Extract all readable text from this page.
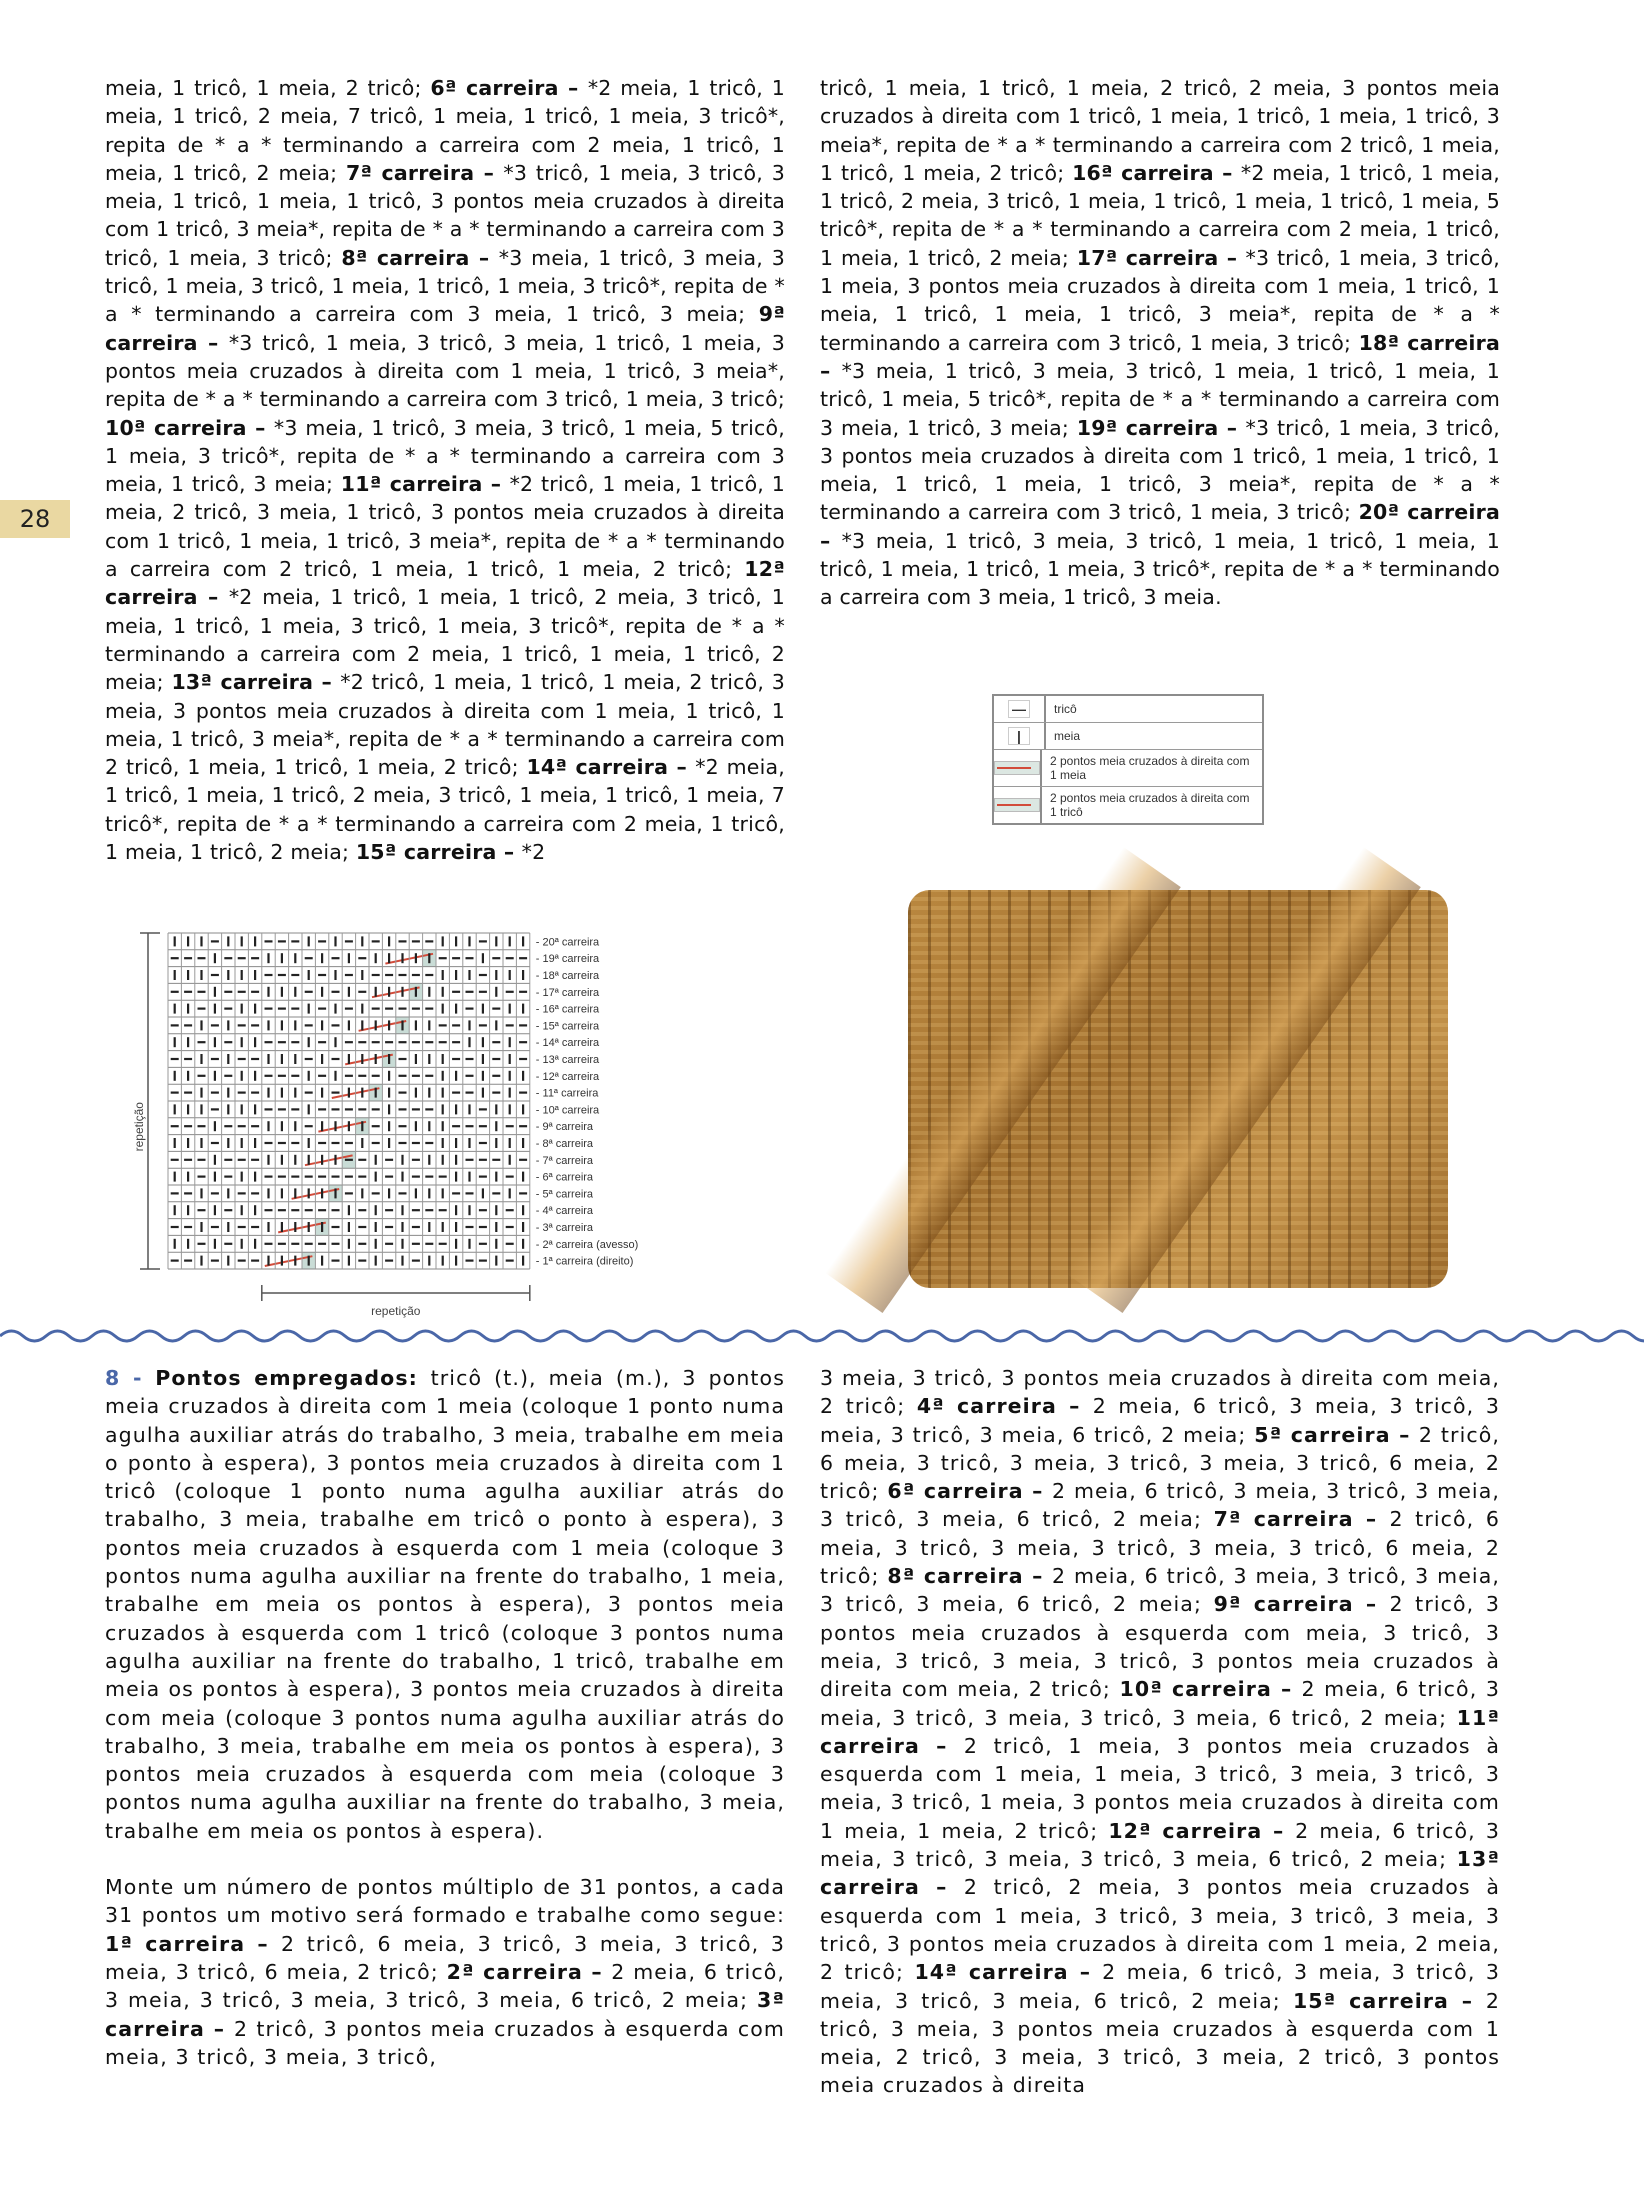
28

meia, 1 tricô, 1 meia, 2 tricô; 6ª carreira – *2 meia, 1 tricô, 1 meia, 1 tricô, 2 meia, 7 tricô, 1 meia, 1 tricô, 1 meia, 3 tricô*, repita de * a * terminando a carreira com 2 meia, 1 tricô, 1 meia, 1 tricô, 2 meia; 7ª carreira – *3 tricô, 1 meia, 3 tricô, 3 meia, 1 tricô, 1 meia, 1 tricô, 3 pontos meia cruzados à direita com 1 tricô, 3 meia*, repita de * a * terminando a carreira com 3 tricô, 1 meia, 3 tricô; 8ª carreira – *3 meia, 1 tricô, 3 meia, 3 tricô, 1 meia, 3 tricô, 1 meia, 1 tricô, 1 meia, 3 tricô*, repita de * a * terminando a carreira com 3 meia, 1 tricô, 3 meia; 9ª carreira – *3 tricô, 1 meia, 3 tricô, 3 meia, 1 tricô, 1 meia, 3 pontos meia cruzados à direita com 1 meia, 1 tricô, 3 meia*, repita de * a * terminando a carreira com 3 tricô, 1 meia, 3 tricô; 10ª carreira – *3 meia, 1 tricô, 3 meia, 3 tricô, 1 meia, 5 tricô, 1 meia, 3 tricô*, repita de * a * terminando a carreira com 3 meia, 1 tricô, 3 meia; 11ª carreira – *2 tricô, 1 meia, 1 tricô, 1 meia, 2 tricô, 3 meia, 1 tricô, 3 pontos meia cruzados à direita com 1 tricô, 1 meia, 1 tricô, 3 meia*, repita de * a * terminando a carreira com 2 tricô, 1 meia, 1 tricô, 1 meia, 2 tricô; 12ª carreira – *2 meia, 1 tricô, 1 meia, 1 tricô, 2 meia, 3 tricô, 1 meia, 1 tricô, 1 meia, 3 tricô, 1 meia, 3 tricô*, repita de * a * terminando a carreira com 2 meia, 1 tricô, 1 meia, 1 tricô, 2 meia; 13ª carreira – *2 tricô, 1 meia, 1 tricô, 1 meia, 2 tricô, 3 meia, 3 pontos meia cruzados à direita com 1 meia, 1 tricô, 1 meia, 1 tricô, 3 meia*, repita de * a * terminando a carreira com 2 tricô, 1 meia, 1 tricô, 1 meia, 2 tricô; 14ª carreira – *2 meia, 1 tricô, 1 meia, 1 tricô, 2 meia, 3 tricô, 1 meia, 1 tricô, 1 meia, 7 tricô*, repita de * a * terminando a carreira com 2 meia, 1 tricô, 1 meia, 1 tricô, 2 meia; 15ª carreira – *2

tricô, 1 meia, 1 tricô, 1 meia, 2 tricô, 2 meia, 3 pontos meia cruzados à direita com 1 tricô, 1 meia, 1 tricô, 1 meia, 1 tricô, 3 meia*, repita de * a * terminando a carreira com 2 tricô, 1 meia, 1 tricô, 1 meia, 2 tricô; 16ª carreira – *2 meia, 1 tricô, 1 meia, 1 tricô, 2 meia, 3 tricô, 1 meia, 1 tricô, 1 meia, 1 tricô, 1 meia, 5 tricô*, repita de * a * terminando a carreira com 2 meia, 1 tricô, 1 meia, 1 tricô, 2 meia; 17ª carreira – *3 tricô, 1 meia, 3 tricô, 1 meia, 3 pontos meia cruzados à direita com 1 meia, 1 tricô, 1 meia, 1 tricô, 1 meia, 1 tricô, 3 meia*, repita de * a * terminando a carreira com 3 tricô, 1 meia, 3 tricô; 18ª carreira – *3 meia, 1 tricô, 3 meia, 3 tricô, 1 meia, 1 tricô, 1 meia, 1 tricô, 1 meia, 5 tricô*, repita de * a * terminando a carreira com 3 meia, 1 tricô, 3 meia; 19ª carreira – *3 tricô, 1 meia, 3 tricô, 3 pontos meia cruzados à direita com 1 tricô, 1 meia, 1 tricô, 1 meia, 1 tricô, 1 meia, 1 tricô, 3 meia*, repita de * a * terminando a carreira com 3 tricô, 1 meia, 3 tricô; 20ª carreira – *3 meia, 1 tricô, 3 meia, 3 tricô, 1 meia, 1 tricô, 1 meia, 1 tricô, 1 meia, 1 tricô, 1 meia, 3 tricô*, repita de * a * terminando a carreira com 3 meia, 1 tricô, 3 meia.

—	tricô
|	meia
2 pontos meia cruzados à direita com 1 meia
2 pontos meia cruzados à direita com 1 tricô
- 20ª carreira
- 19ª carreira
- 18ª carreira
- 17ª carreira
- 16ª carreira
- 15ª carreira
- 14ª carreira
- 13ª carreira
- 12ª carreira
- 11ª carreira
- 10ª carreira
- 9ª carreira
- 8ª carreira
- 7ª carreira
- 6ª carreira
- 5ª carreira
- 4ª carreira
- 3ª carreira
- 2ª carreira (avesso)
- 1ª carreira (direito)
repetição
repetição

8 - Pontos empregados: tricô (t.), meia (m.), 3 pontos meia cruzados à direita com 1 meia (coloque 1 ponto numa agulha auxiliar atrás do trabalho, 3 meia, trabalhe em meia o ponto à espera), 3 pontos meia cruzados à direita com 1 tricô (coloque 1 ponto numa agulha auxiliar atrás do trabalho, 3 meia, trabalhe em tricô o ponto à espera), 3 pontos meia cruzados à esquerda com 1 meia (coloque 3 pontos numa agulha auxiliar na frente do trabalho, 1 meia, trabalhe em meia os pontos à espera), 3 pontos meia cruzados à esquerda com 1 tricô (coloque 3 pontos numa agulha auxiliar na frente do trabalho, 1 tricô, trabalhe em meia os pontos à espera), 3 pontos meia cruzados à direita com meia (coloque 3 pontos numa agulha auxiliar atrás do trabalho, 3 meia, trabalhe em meia os pontos à espera), 3 pontos meia cruzados à esquerda com meia (coloque 3 pontos numa agulha auxiliar na frente do trabalho, 3 meia, trabalhe em meia os pontos à espera).

Monte um número de pontos múltiplo de 31 pontos, a cada 31 pontos um motivo será formado e trabalhe como segue: 1ª carreira – 2 tricô, 6 meia, 3 tricô, 3 meia, 3 tricô, 3 meia, 3 tricô, 6 meia, 2 tricô; 2ª carreira – 2 meia, 6 tricô, 3 meia, 3 tricô, 3 meia, 3 tricô, 3 meia, 6 tricô, 2 meia; 3ª carreira – 2 tricô, 3 pontos meia cruzados à esquerda com meia, 3 tricô, 3 meia, 3 tricô,

3 meia, 3 tricô, 3 pontos meia cruzados à direita com meia, 2 tricô; 4ª carreira – 2 meia, 6 tricô, 3 meia, 3 tricô, 3 meia, 3 tricô, 3 meia, 6 tricô, 2 meia; 5ª carreira – 2 tricô, 6 meia, 3 tricô, 3 meia, 3 tricô, 3 meia, 3 tricô, 6 meia, 2 tricô; 6ª carreira – 2 meia, 6 tricô, 3 meia, 3 tricô, 3 meia, 3 tricô, 3 meia, 6 tricô, 2 meia; 7ª carreira – 2 tricô, 6 meia, 3 tricô, 3 meia, 3 tricô, 3 meia, 3 tricô, 6 meia, 2 tricô; 8ª carreira – 2 meia, 6 tricô, 3 meia, 3 tricô, 3 meia, 3 tricô, 3 meia, 6 tricô, 2 meia; 9ª carreira – 2 tricô, 3 pontos meia cruzados à esquerda com meia, 3 tricô, 3 meia, 3 tricô, 3 meia, 3 tricô, 3 pontos meia cruzados à direita com meia, 2 tricô; 10ª carreira – 2 meia, 6 tricô, 3 meia, 3 tricô, 3 meia, 3 tricô, 3 meia, 6 tricô, 2 meia; 11ª carreira – 2 tricô, 1 meia, 3 pontos meia cruzados à esquerda com 1 meia, 1 meia, 3 tricô, 3 meia, 3 tricô, 3 meia, 3 tricô, 1 meia, 3 pontos meia cruzados à direita com 1 meia, 1 meia, 2 tricô; 12ª carreira – 2 meia, 6 tricô, 3 meia, 3 tricô, 3 meia, 3 tricô, 3 meia, 6 tricô, 2 meia; 13ª carreira – 2 tricô, 2 meia, 3 pontos meia cruzados à esquerda com 1 meia, 3 tricô, 3 meia, 3 tricô, 3 meia, 3 tricô, 3 pontos meia cruzados à direita com 1 meia, 2 meia, 2 tricô; 14ª carreira – 2 meia, 6 tricô, 3 meia, 3 tricô, 3 meia, 3 tricô, 3 meia, 6 tricô, 2 meia; 15ª carreira – 2 tricô, 3 meia, 3 pontos meia cruzados à esquerda com 1 meia, 2 tricô, 3 meia, 3 tricô, 3 meia, 2 tricô, 3 pontos meia cruzados à direita
